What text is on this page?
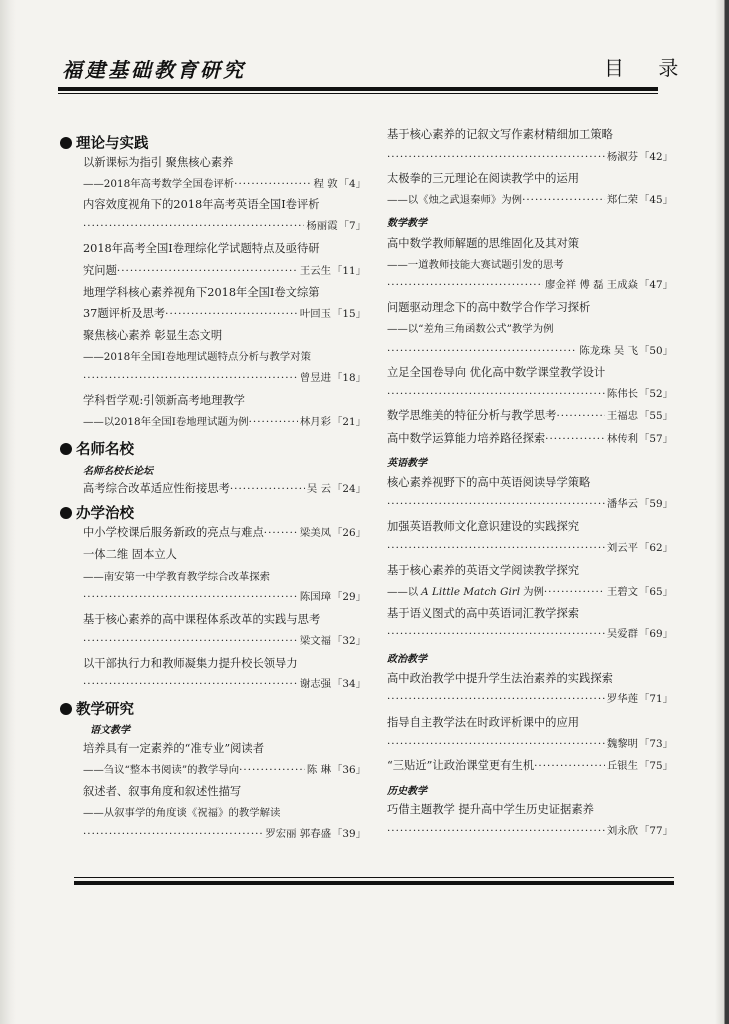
福建基础教育研究	目 录
理论与实践
以新课标为指引 聚焦核心素养
——2018年高考数学全国卷评析 ·····	程 敦	「 4 」
内容效度视角下的2018年高考英语全国Ⅰ卷评析
·····
杨丽霞	「 7 」
2018年高考全国Ⅰ卷理综化学试题特点及亟待研
究问题 ·····	王云生	「 11 」
地理学科核心素养视角下2018年全国Ⅰ卷文综第
37题评析及思考 ·····	叶回玉	「 15 」
聚焦核心素养 彰显生态文明
——2018年全国Ⅰ卷地理试题特点分析与教学对策
·····
曾昱进	「 18 」
学科哲学观:引领新高考地理教学
——以2018年全国Ⅰ卷地理试题为例 ·····	林月彩	「 21 」
名师名校
名师名校长论坛
高考综合改革适应性衔接思考 ·····	吴 云	「 24 」
办学治校
中小学校课后服务新政的亮点与难点 ·····	梁美凤	「 26 」
一体二维 固本立人
——南安第一中学教育教学综合改革探索
·····
陈国璋	「 29 」
基于核心素养的高中课程体系改革的实践与思考
·····
梁文福	「 32 」
以干部执行力和教师凝集力提升校长领导力
·····
谢志强	「 34 」
教学研究
语文教学
培养具有一定素养的“准专业”阅读者
——刍议“整本书阅读”的教学导向 ·····	陈 琳	「 36 」
叙述者、叙事角度和叙述性描写
——从叙事学的角度谈《祝福》的教学解读
·····
罗宏丽 郭春盛	「 39 」
基于核心素养的记叙文写作素材精细加工策略
·····
杨淑芬	「 42 」
太极拳的三元理论在阅读教学中的运用
——以《烛之武退秦师》为例 ·····	郑仁荣	「 45 」
数学教学
高中数学教师解题的思维固化及其对策
——一道教师技能大赛试题引发的思考
·····
廖金祥 傅 磊 王成焱	「 47 」
问题驱动理念下的高中数学合作学习探析
——以“差角三角函数公式”教学为例
·····
陈龙珠 吴 飞	「 50 」
立足全国卷导向 优化高中数学课堂教学设计
·····
陈伟长	「 52 」
数学思维美的特征分析与教学思考 ·····	王福忠	「 55 」
高中数学运算能力培养路径探索 ·····	林传利	「 57 」
英语教学
核心素养视野下的高中英语阅读导学策略
·····
潘华云	「 59 」
加强英语教师文化意识建设的实践探究
·····
刘云平	「 62 」
基于核心素养的英语文学阅读教学探究
——以 A Little Match Girl 为例 ·····	王碧文	「 65 」
基于语义图式的高中英语词汇教学探索
·····
吴爱群	「 69 」
政治教学
高中政治教学中提升学生法治素养的实践探索
·····
罗华莲	「 71 」
指导自主教学法在时政评析课中的应用
·····
魏黎明	「 73 」
“三贴近”让政治课堂更有生机 ·····	丘银生	「 75 」
历史教学
巧借主题教学 提升高中学生历史证据素养
·····
刘永欣	「 77 」
